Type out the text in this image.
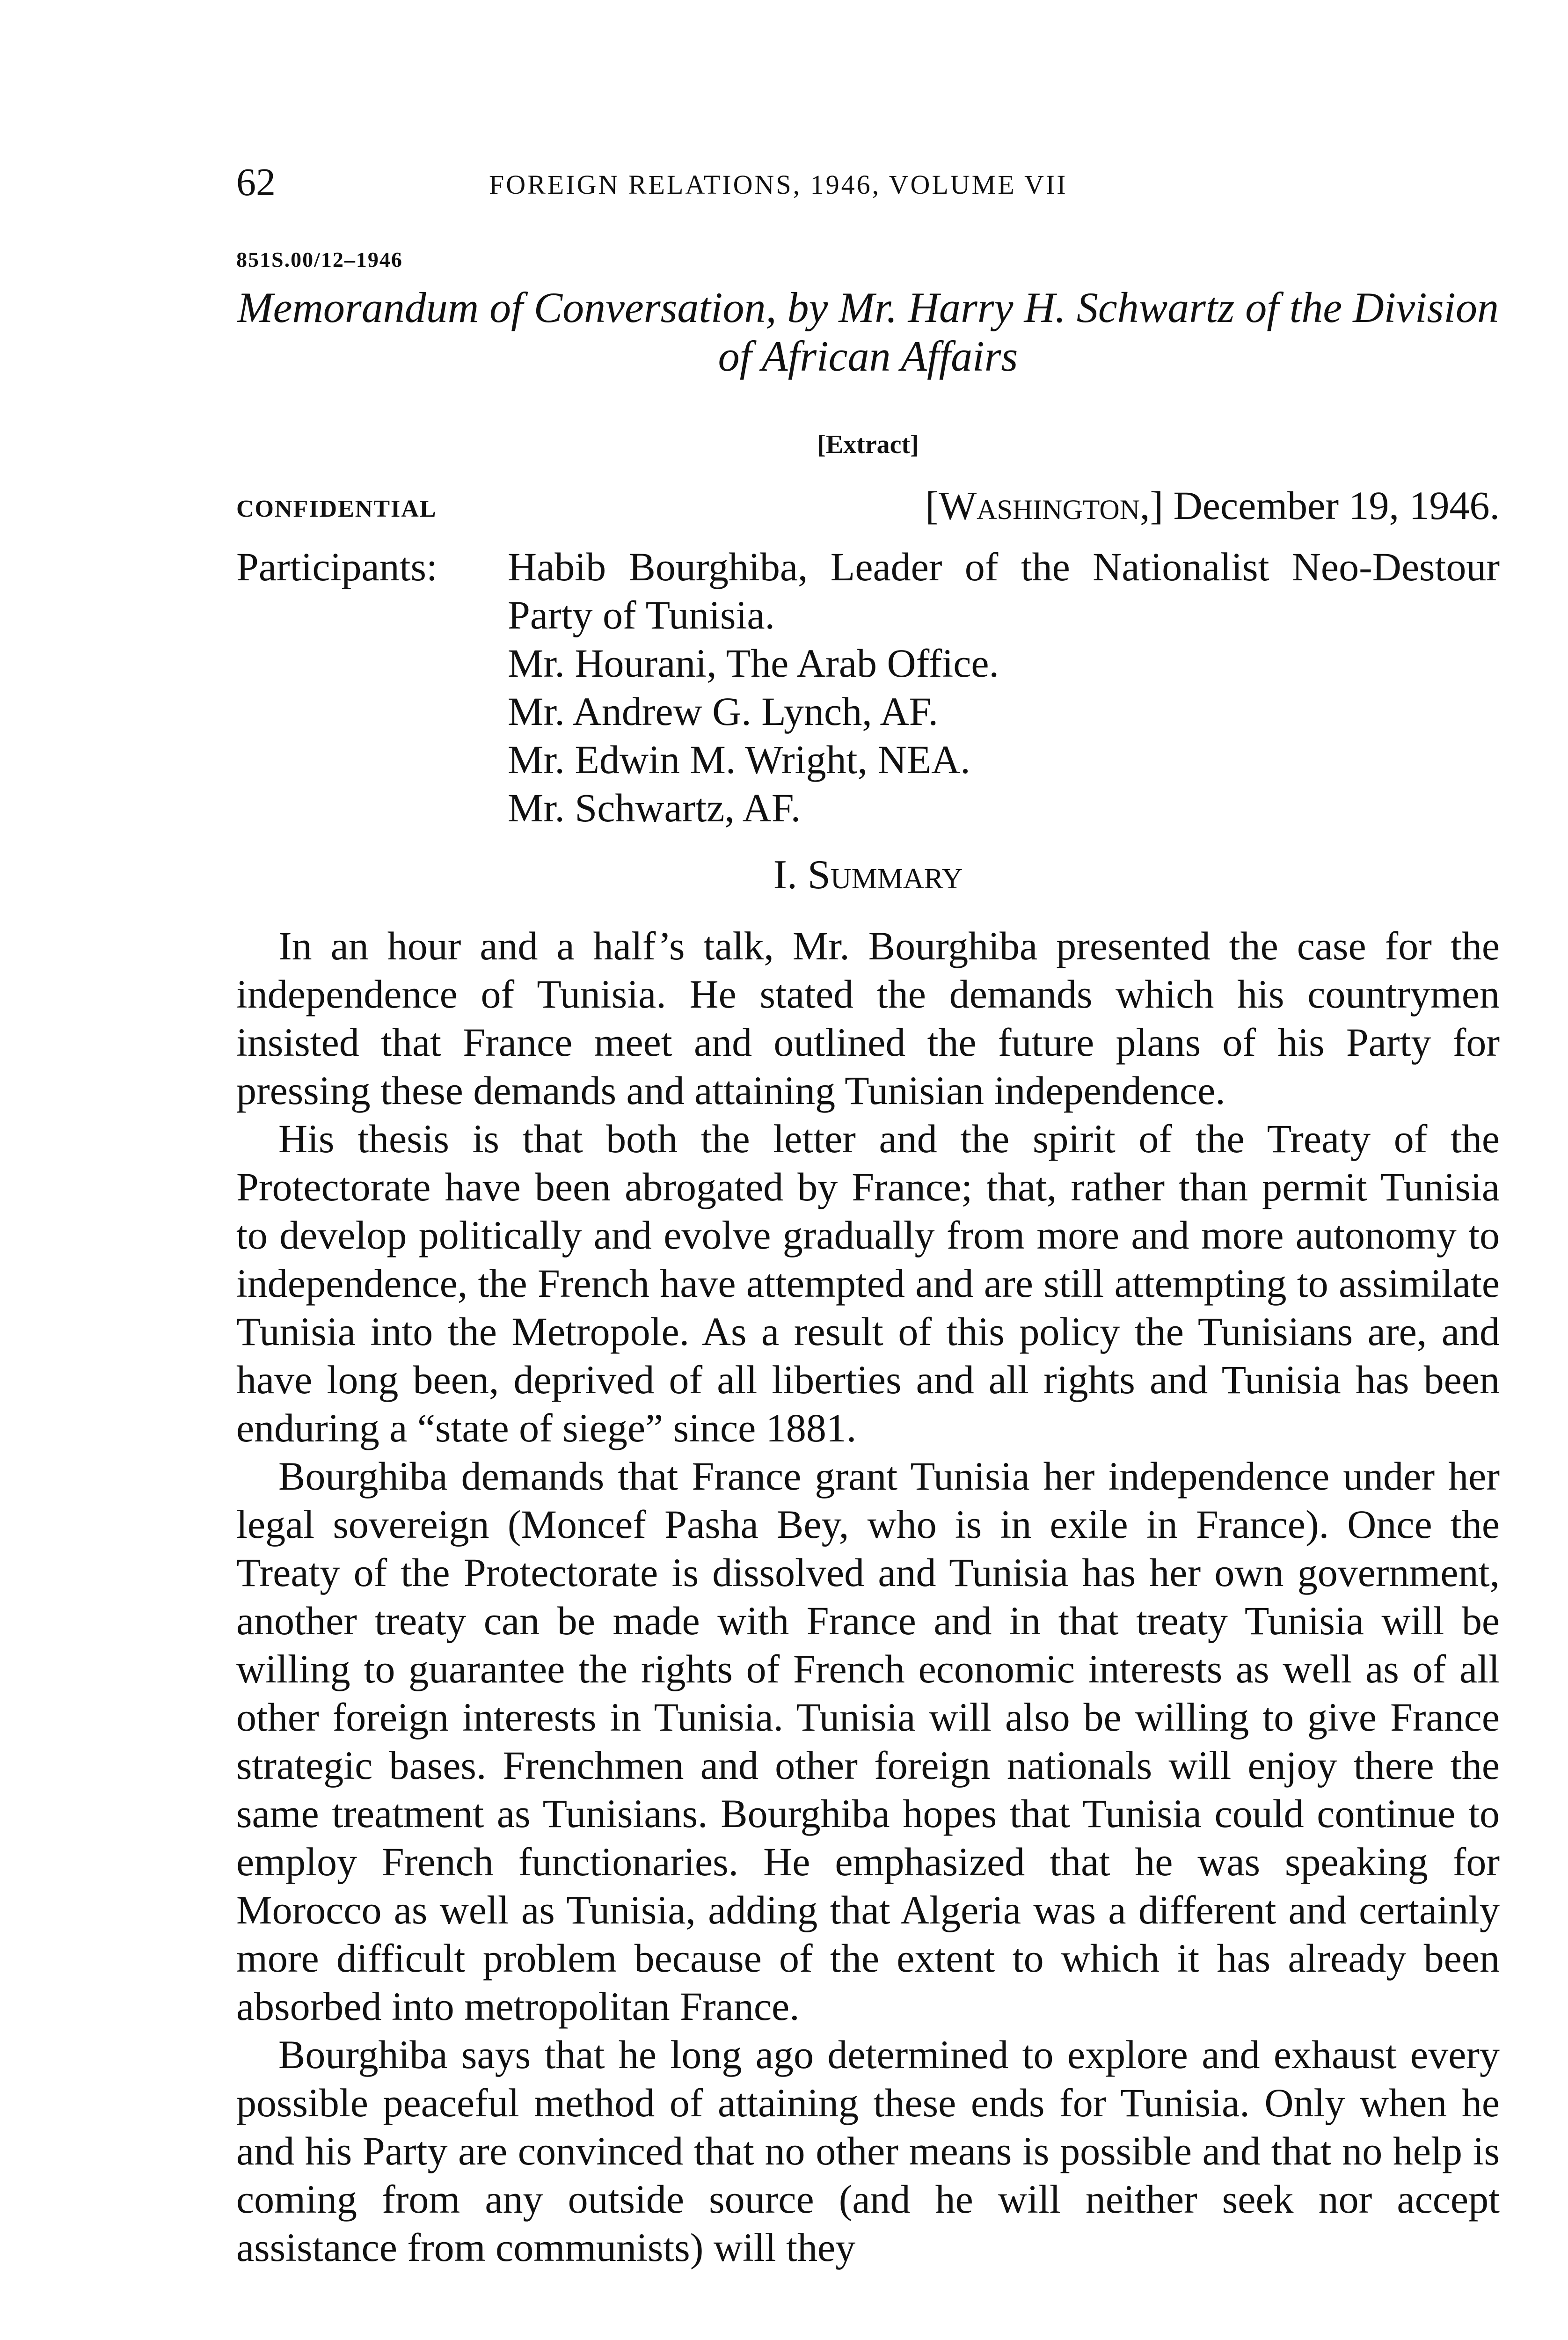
62	FOREIGN RELATIONS, 1946, VOLUME VII
851S.00/12–1946
Memorandum of Conversation, by Mr. Harry H. Schwartz of the Division of African Affairs
[Extract]
CONFIDENTIAL	[Washington,] December 19, 1946.
Participants: Habib Bourghiba, Leader of the Nationalist Neo-Destour Party of Tunisia.
Mr. Hourani, The Arab Office.
Mr. Andrew G. Lynch, AF.
Mr. Edwin M. Wright, NEA.
Mr. Schwartz, AF.
I. Summary

In an hour and a half’s talk, Mr. Bourghiba presented the case for the independence of Tunisia. He stated the demands which his countrymen insisted that France meet and outlined the future plans of his Party for pressing these demands and attaining Tunisian independence.

His thesis is that both the letter and the spirit of the Treaty of the Protectorate have been abrogated by France; that, rather than permit Tunisia to develop politically and evolve gradually from more and more autonomy to independence, the French have attempted and are still attempting to assimilate Tunisia into the Metropole. As a result of this policy the Tunisians are, and have long been, deprived of all liberties and all rights and Tunisia has been enduring a “state of siege” since 1881.

Bourghiba demands that France grant Tunisia her independence under her legal sovereign (Moncef Pasha Bey, who is in exile in France). Once the Treaty of the Protectorate is dissolved and Tunisia has her own government, another treaty can be made with France and in that treaty Tunisia will be willing to guarantee the rights of French economic interests as well as of all other foreign interests in Tunisia. Tunisia will also be willing to give France strategic bases. Frenchmen and other foreign nationals will enjoy there the same treatment as Tunisians. Bourghiba hopes that Tunisia could continue to employ French functionaries. He emphasized that he was speaking for Morocco as well as Tunisia, adding that Algeria was a different and certainly more difficult problem because of the extent to which it has already been absorbed into metropolitan France.

Bourghiba says that he long ago determined to explore and exhaust every possible peaceful method of attaining these ends for Tunisia. Only when he and his Party are convinced that no other means is possible and that no help is coming from any outside source (and he will neither seek nor accept assistance from communists) will they
